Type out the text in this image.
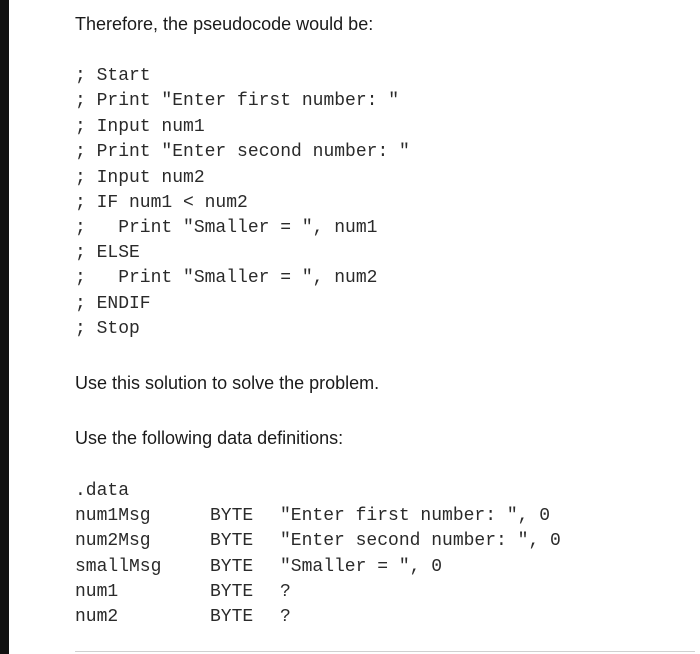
Therefore, the pseudocode would be:
; Start
; Print "Enter first number: "
; Input num1
; Print "Enter second number: "
; Input num2
; IF num1 < num2
;   Print "Smaller = ", num1
; ELSE
;   Print "Smaller = ", num2
; ENDIF
; Stop
Use this solution to solve the problem.
Use the following data definitions:
.data
num1Msg	BYTE "Enter first number: ", 0
num2Msg	BYTE "Enter second number: ", 0
smallMsg	BYTE "Smaller = ", 0
num1	BYTE ?
num2	BYTE ?
